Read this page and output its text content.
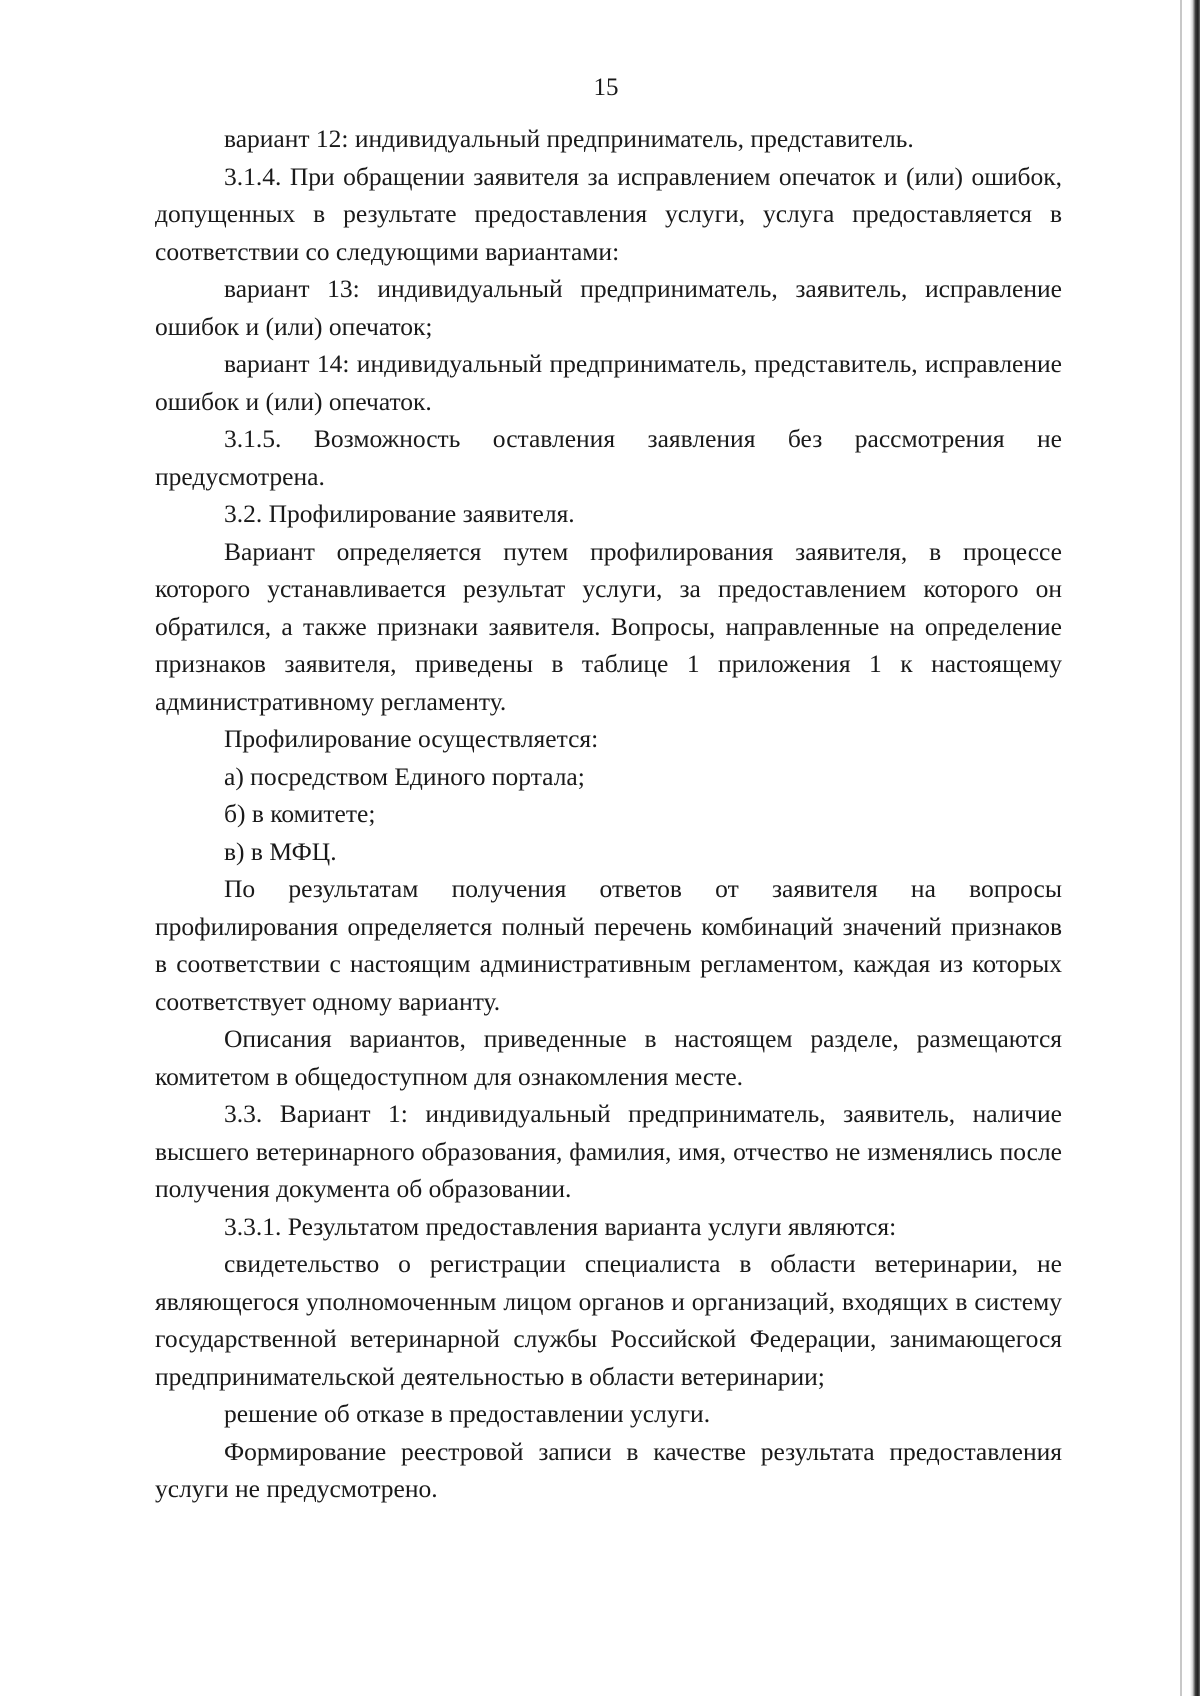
15

вариант 12: индивидуальный предприниматель, представитель.

3.1.4. При обращении заявителя за исправлением опечаток и (или) ошибок, допущенных в результате предоставления услуги, услуга предоставляется в соответствии со следующими вариантами:

вариант 13: индивидуальный предприниматель, заявитель, исправление ошибок и (или) опечаток;

вариант 14: индивидуальный предприниматель, представитель, исправление ошибок и (или) опечаток.

3.1.5. Возможность оставления заявления без рассмотрения не предусмотрена.

3.2. Профилирование заявителя.

Вариант определяется путем профилирования заявителя, в процессе которого устанавливается результат услуги, за предоставлением которого он обратился, а также признаки заявителя. Вопросы, направленные на определение признаков заявителя, приведены в таблице 1 приложения 1 к настоящему административному регламенту.

Профилирование осуществляется:

а) посредством Единого портала;

б) в комитете;

в) в МФЦ.

По результатам получения ответов от заявителя на вопросы профилирования определяется полный перечень комбинаций значений признаков в соответствии с настоящим административным регламентом, каждая из которых соответствует одному варианту.

Описания вариантов, приведенные в настоящем разделе, размещаются комитетом в общедоступном для ознакомления месте.

3.3. Вариант 1: индивидуальный предприниматель, заявитель, наличие высшего ветеринарного образования, фамилия, имя, отчество не изменялись после получения документа об образовании.

3.3.1. Результатом предоставления варианта услуги являются:

свидетельство о регистрации специалиста в области ветеринарии, не являющегося уполномоченным лицом органов и организаций, входящих в систему государственной ветеринарной службы Российской Федерации, занимающегося предпринимательской деятельностью в области ветеринарии;

решение об отказе в предоставлении услуги.

Формирование реестровой записи в качестве результата предоставления услуги не предусмотрено.
